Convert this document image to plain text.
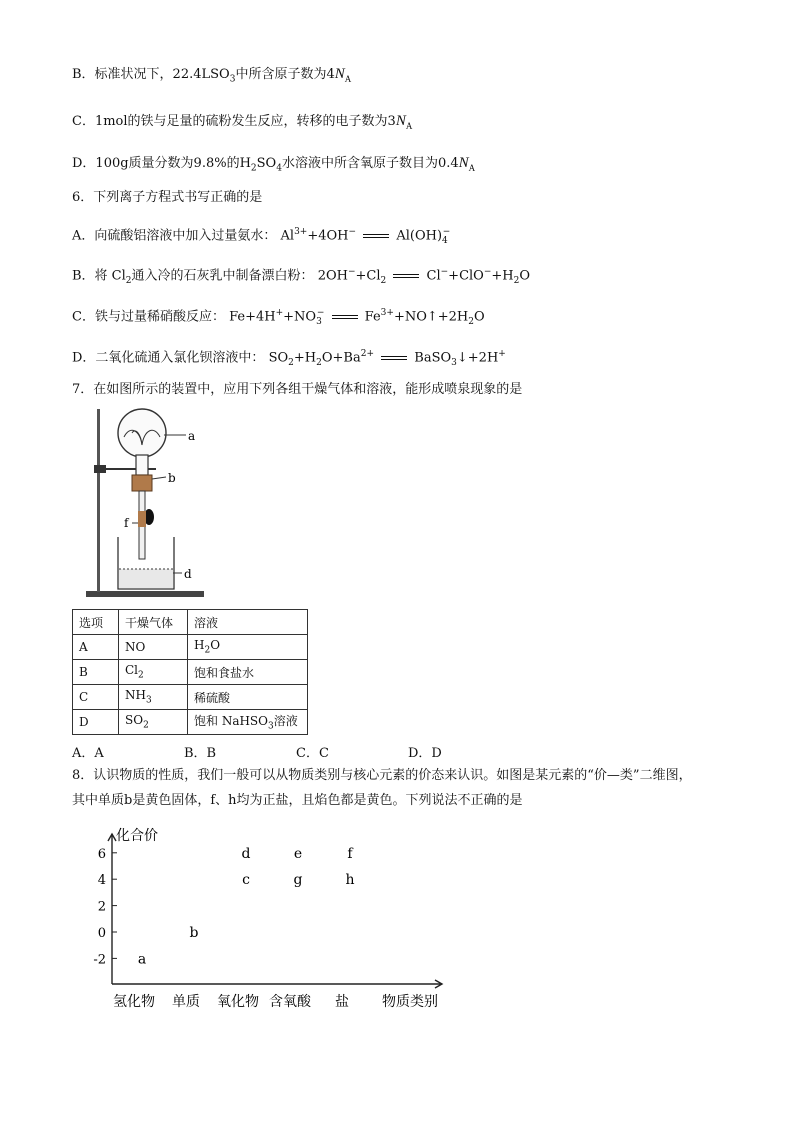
B．标准状况下，$22.4LSO_3$中所含原子数为$4N_A$
C．1mol的铁与足量的硫粉发生反应，转移的电子数为$3N_A$
D．100g质量分数为9.8%的$H_2SO_4$水溶液中所含氧原子数目为$0.4N_A$
6．下列离子方程式书写正确的是
A．向硫酸铝溶液中加入过量氨水： $Al^{3+}+4OH^-$	$Al(OH)_4^-$
B．将 $Cl_2$通入冷的石灰乳中制备漂白粉： $2OH^-+Cl_2$	$Cl^-+ClO^-+H_2O$
C．铁与过量稀硝酸反应： $Fe+4H^++NO_3^-$	$Fe^{3+}+NO↑+2H_2O$
D．二氧化硫通入氯化钡溶液中： $SO_2+H_2O+Ba^{2+}$	BaSO$_3$↓+2H+
7．在如图所示的装置中，应用下列各组干燥气体和溶液，能形成喷泉现象的是
a
b
f
d
选项	干燥气体	溶液
A	NO	$H_2O$
B	$Cl_2$	饱和食盐水
C	$NH_3$	稀硫酸
D	$SO_2$	饱和 NaHSO$_3$溶液
A．A	B．B	C．C	D．D
8．认识物质的性质，我们一般可以从物质类别与核心元素的价态来认识。如图是某元素的“价—类”二维图，
其中单质b是黄色固体，f、h均为正盐，且焰色都是黄色。下列说法不正确的是
化合价
6
4
2
0
-2
氢化物 单质 氧化物 含氧酸 盐 物质类别
a
b
c
d	e
g
f
h
